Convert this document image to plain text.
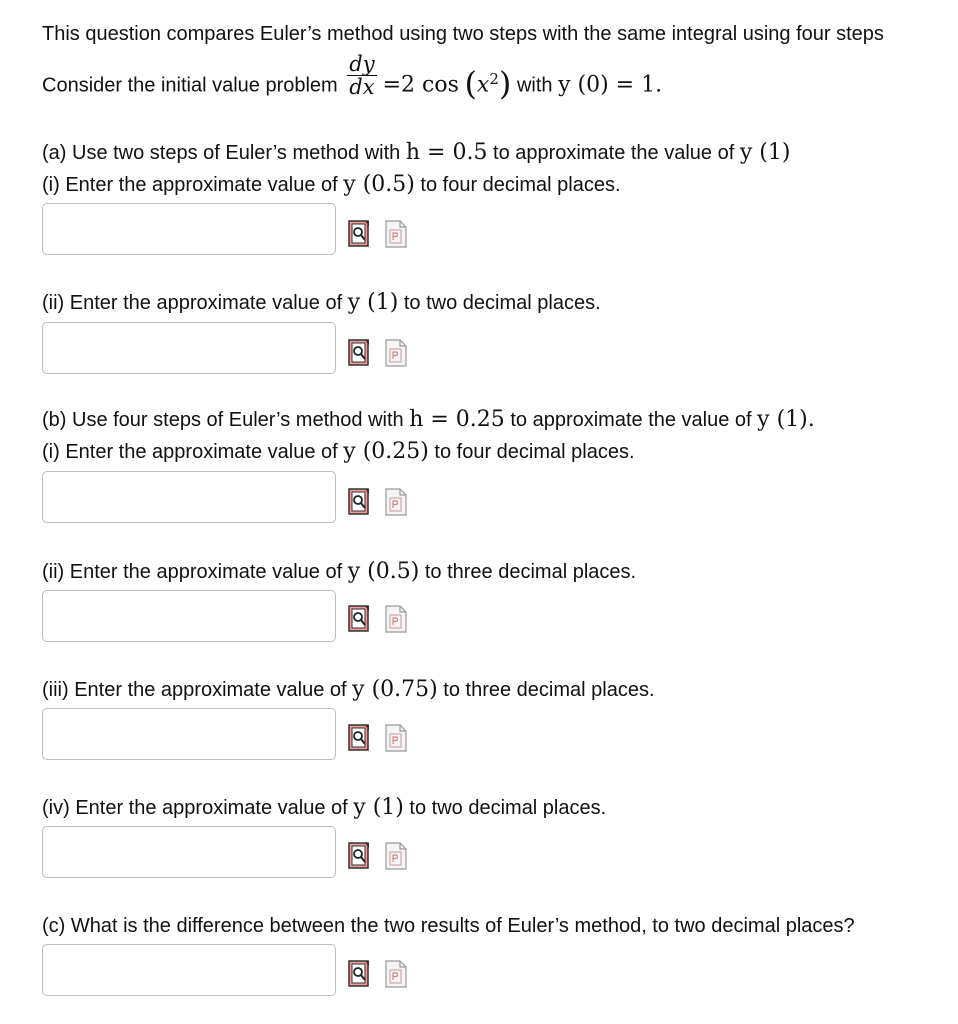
This question compares Euler’s method using two steps with the same integral using four steps
Consider the initial value problem $\frac{dy}{dx} =2$ $\cos (x^2)$ with y (0) = 1.
(a) Use two steps of Euler’s method with h = 0.5 to approximate the value of y (1)
(i) Enter the approximate value of y (0.5) to four decimal places.
(ii) Enter the approximate value of y (1) to two decimal places.
(b) Use four steps of Euler’s method with h = 0.25 to approximate the value of y (1).
(i) Enter the approximate value of y (0.25) to four decimal places.
(ii) Enter the approximate value of y (0.5) to three decimal places.
(iii) Enter the approximate value of y (0.75) to three decimal places.
(iv) Enter the approximate value of y (1) to two decimal places.
(c) What is the difference between the two results of Euler’s method, to two decimal places?
